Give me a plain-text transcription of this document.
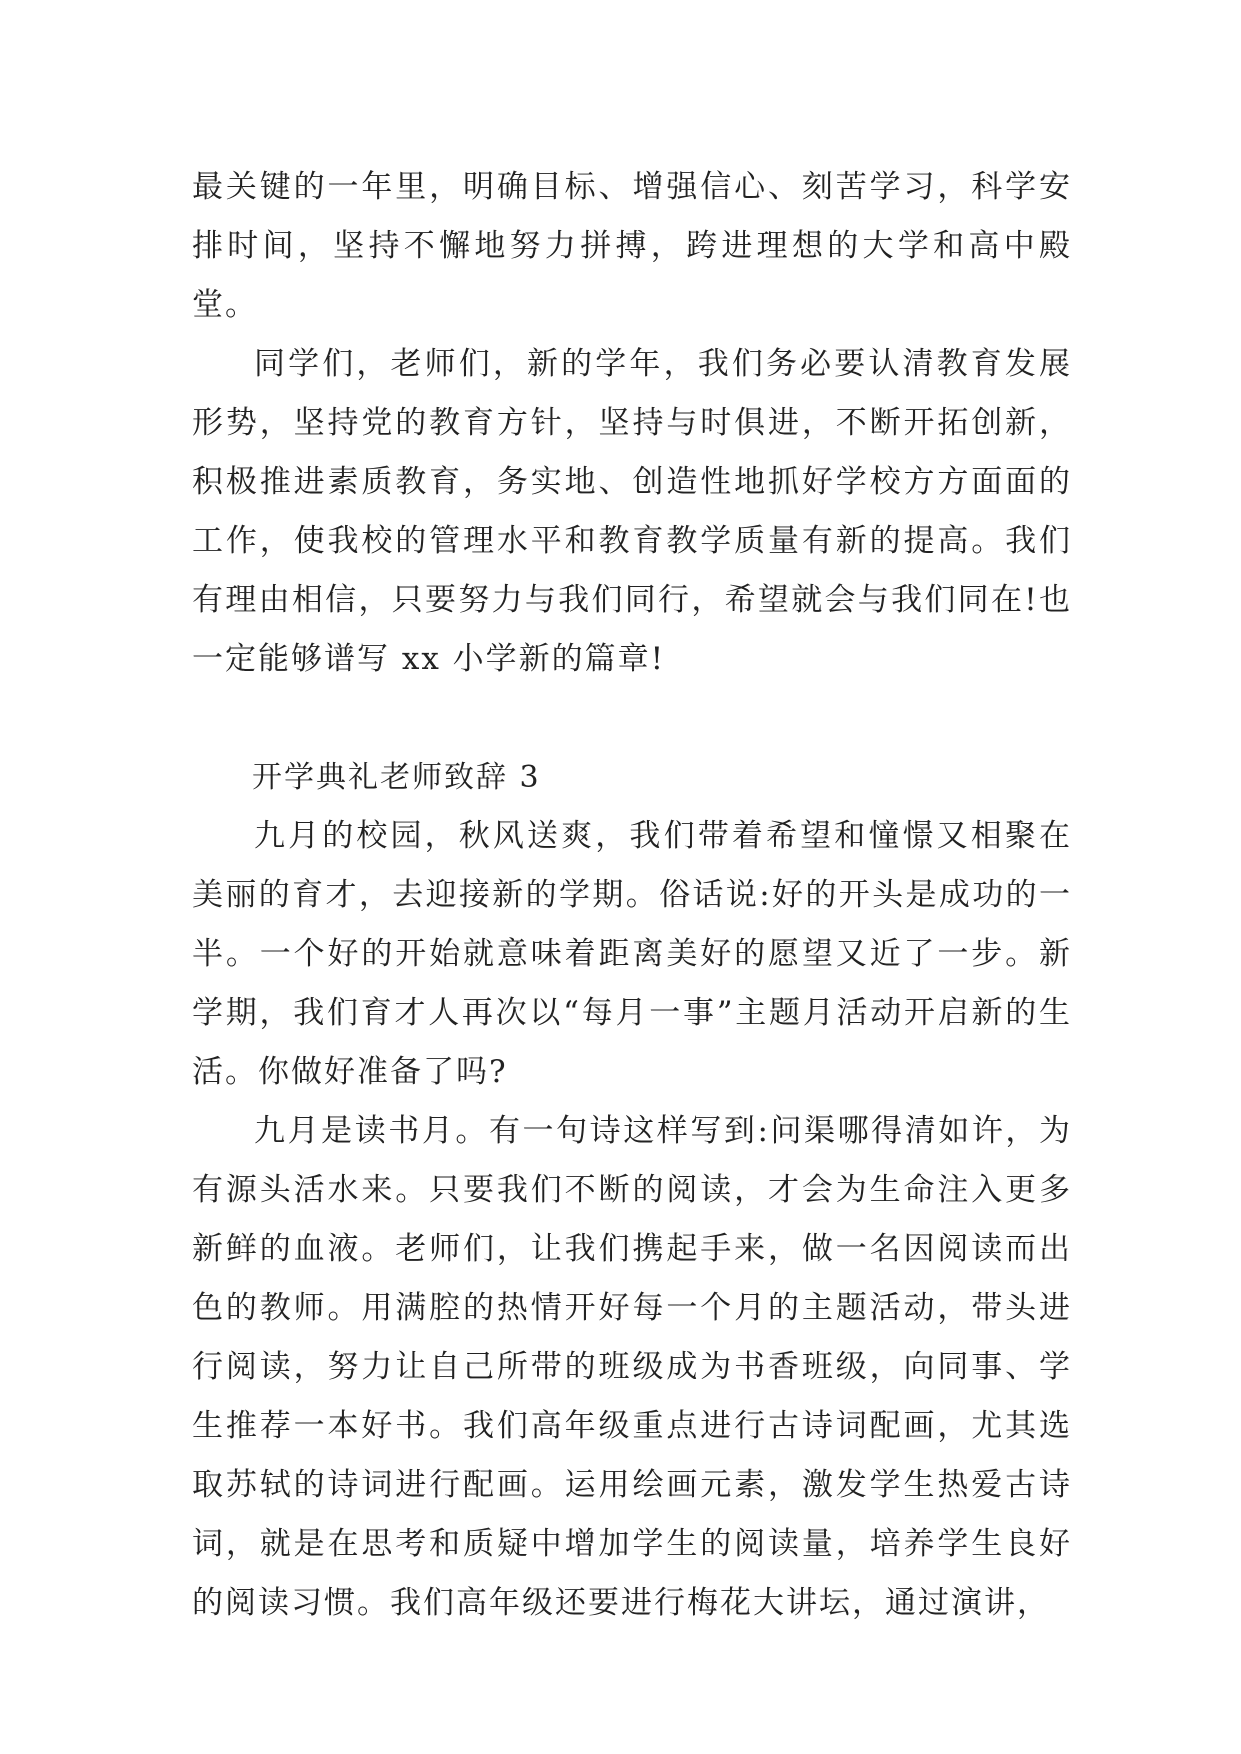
最关键的一年里，明确目标、增强信心、刻苦学习，科学安排时间，坚持不懈地努力拼搏，跨进理想的大学和高中殿堂。

同学们，老师们，新的学年，我们务必要认清教育发展形势，坚持党的教育方针，坚持与时俱进，不断开拓创新，积极推进素质教育，务实地、创造性地抓好学校方方面面的工作，使我校的管理水平和教育教学质量有新的提高。我们有理由相信，只要努力与我们同行，希望就会与我们同在!也一定能够谱写 xx 小学新的篇章!

开学典礼老师致辞 3

九月的校园，秋风送爽，我们带着希望和憧憬又相聚在美丽的育才，去迎接新的学期。俗话说:好的开头是成功的一半。一个好的开始就意味着距离美好的愿望又近了一步。新学期，我们育才人再次以“每月一事”主题月活动开启新的生活。你做好准备了吗?

九月是读书月。有一句诗这样写到:问渠哪得清如许，为有源头活水来。只要我们不断的阅读，才会为生命注入更多新鲜的血液。老师们，让我们携起手来，做一名因阅读而出色的教师。用满腔的热情开好每一个月的主题活动，带头进行阅读，努力让自己所带的班级成为书香班级，向同事、学生推荐一本好书。我们高年级重点进行古诗词配画，尤其选取苏轼的诗词进行配画。运用绘画元素，激发学生热爱古诗词，就是在思考和质疑中增加学生的阅读量，培养学生良好的阅读习惯。我们高年级还要进行梅花大讲坛，通过演讲，
